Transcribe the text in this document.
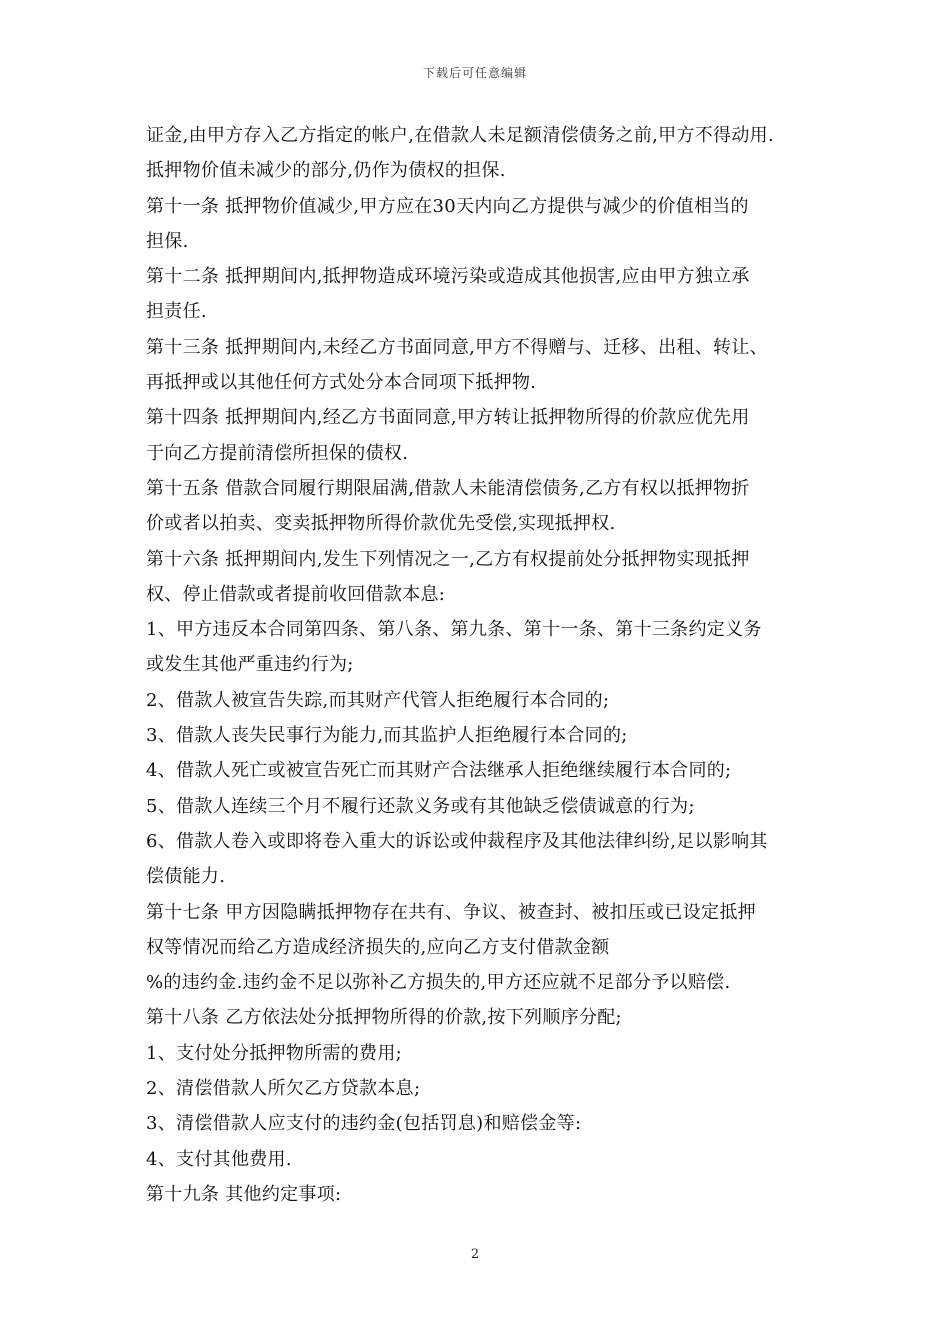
下载后可任意编辑
证金,由甲方存入乙方指定的帐户,在借款人未足额清偿债务之前,甲方不得动用.
抵押物价值未减少的部分,仍作为债权的担保.
第十一条 抵押物价值减少,甲方应在30天内向乙方提供与减少的价值相当的
担保.
第十二条 抵押期间内,抵押物造成环境污染或造成其他损害,应由甲方独立承
担责任.
第十三条 抵押期间内,未经乙方书面同意,甲方不得赠与、迁移、出租、转让、
再抵押或以其他任何方式处分本合同项下抵押物.
第十四条 抵押期间内,经乙方书面同意,甲方转让抵押物所得的价款应优先用
于向乙方提前清偿所担保的债权.
第十五条 借款合同履行期限届满,借款人未能清偿债务,乙方有权以抵押物折
价或者以拍卖、变卖抵押物所得价款优先受偿,实现抵押权.
第十六条 抵押期间内,发生下列情况之一,乙方有权提前处分抵押物实现抵押
权、停止借款或者提前收回借款本息:
1、甲方违反本合同第四条、第八条、第九条、第十一条、第十三条约定义务
或发生其他严重违约行为;
2、借款人被宣告失踪,而其财产代管人拒绝履行本合同的;
3、借款人丧失民事行为能力,而其监护人拒绝履行本合同的;
4、借款人死亡或被宣告死亡而其财产合法继承人拒绝继续履行本合同的;
5、借款人连续三个月不履行还款义务或有其他缺乏偿债诚意的行为;
6、借款人卷入或即将卷入重大的诉讼或仲裁程序及其他法律纠纷,足以影响其
偿债能力.
第十七条 甲方因隐瞒抵押物存在共有、争议、被查封、被扣压或已设定抵押
权等情况而给乙方造成经济损失的,应向乙方支付借款金额
%的违约金.违约金不足以弥补乙方损失的,甲方还应就不足部分予以赔偿.
第十八条 乙方依法处分抵押物所得的价款,按下列顺序分配;
1、支付处分抵押物所需的费用;
2、清偿借款人所欠乙方贷款本息;
3、清偿借款人应支付的违约金(包括罚息)和赔偿金等:
4、支付其他费用.
第十九条 其他约定事项:
2
